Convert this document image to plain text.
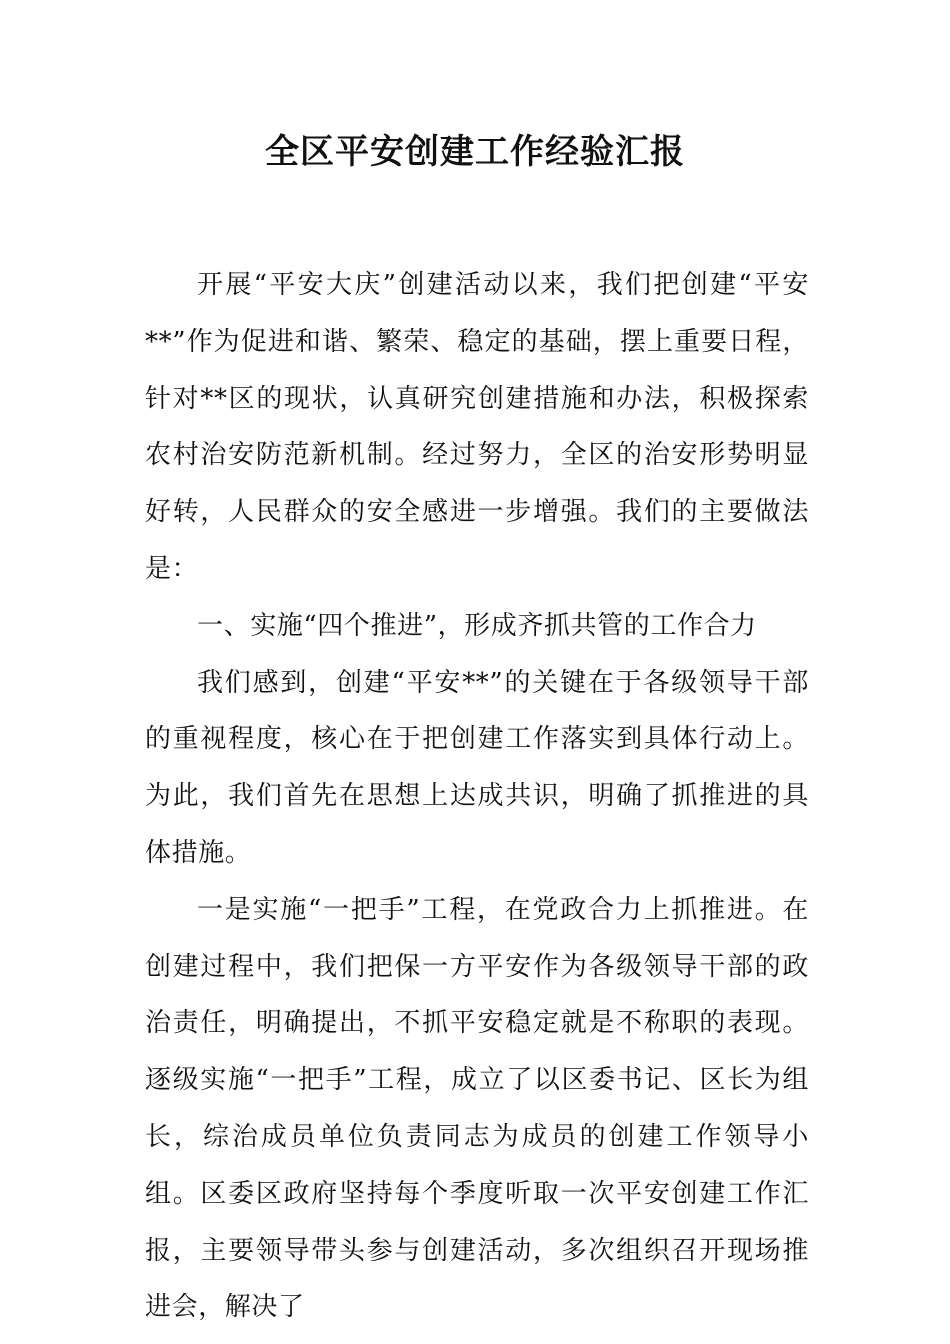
全区平安创建工作经验汇报

开展“平安大庆”创建活动以来，我们把创建“平安**”作为促进和谐、繁荣、稳定的基础，摆上重要日程，针对**区的现状，认真研究创建措施和办法，积极探索农村治安防范新机制。经过努力，全区的治安形势明显好转，人民群众的安全感进一步增强。我们的主要做法是：

一、实施“四个推进”，形成齐抓共管的工作合力

我们感到，创建“平安**”的关键在于各级领导干部的重视程度，核心在于把创建工作落实到具体行动上。为此，我们首先在思想上达成共识，明确了抓推进的具体措施。

一是实施“一把手”工程，在党政合力上抓推进。在创建过程中，我们把保一方平安作为各级领导干部的政治责任，明确提出，不抓平安稳定就是不称职的表现。逐级实施“一把手”工程，成立了以区委书记、区长为组长，综治成员单位负责同志为成员的创建工作领导小组。区委区政府坚持每个季度听取一次平安创建工作汇报，主要领导带头参与创建活动，多次组织召开现场推进会，解决了
